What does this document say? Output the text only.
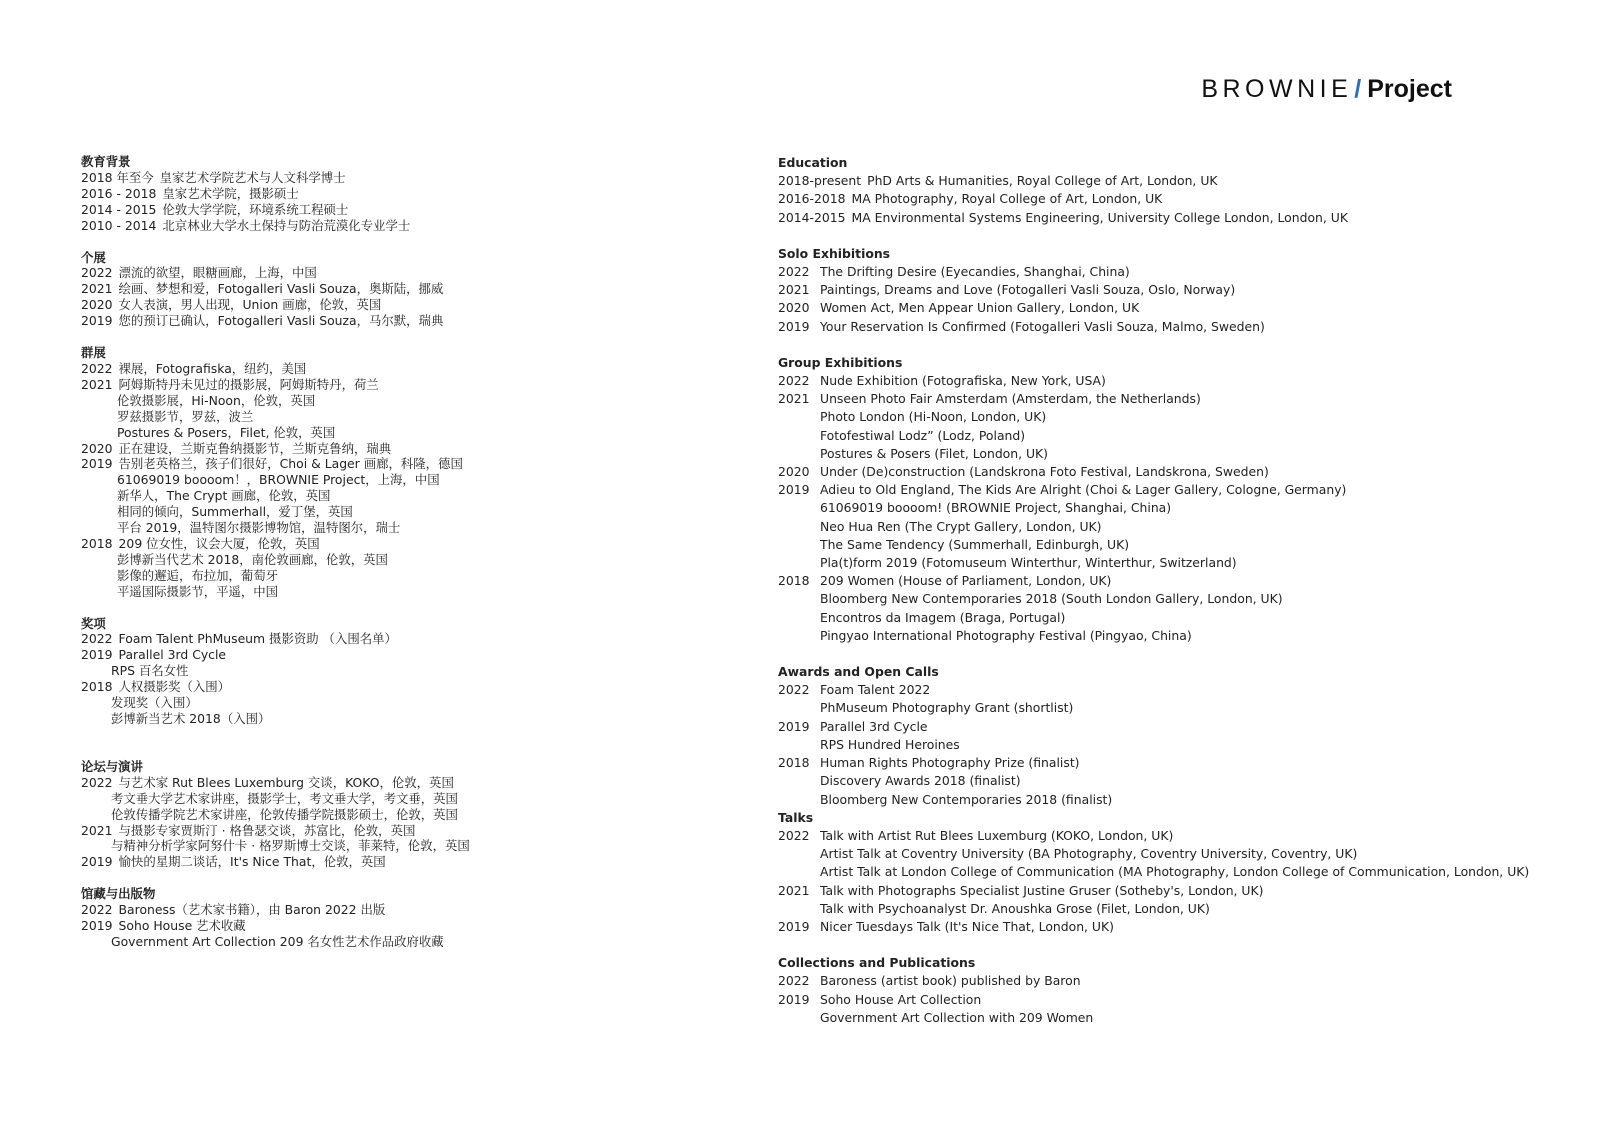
BROWNIE/ Project
教育背景
2018 年至今 皇家艺术学院艺术与人文科学博士
2016 - 2018 皇家艺术学院，摄影硕士
2014 - 2015 伦敦大学学院，环境系统工程硕士
2010 - 2014 北京林业大学水土保持与防治荒漠化专业学士
个展
2022 漂流的欲望，眼糖画廊，上海，中国
2021 绘画、梦想和爱，Fotogalleri Vasli Souza，奥斯陆，挪威
2020 女人表演，男人出现，Union 画廊，伦敦，英国
2019 您的预订已确认，Fotogalleri Vasli Souza，马尔默，瑞典
群展
2022 裸展，Fotografiska，纽约，美国
2021 阿姆斯特丹未见过的摄影展，阿姆斯特丹，荷兰
伦敦摄影展，Hi-Noon，伦敦，英国
罗兹摄影节，罗兹，波兰
Postures & Posers，Filet, 伦敦，英国
2020 正在建设，兰斯克鲁纳摄影节，兰斯克鲁纳，瑞典
2019 告别老英格兰，孩子们很好，Choi & Lager 画廊，科隆，德国
61069019 boooom！，BROWNIE Project，上海，中国
新华人，The Crypt 画廊，伦敦，英国
相同的倾向，Summerhall，爱丁堡，英国
平台 2019，温特图尔摄影博物馆，温特图尔，瑞士
2018 209 位女性，议会大厦，伦敦，英国
彭博新当代艺术 2018，南伦敦画廊，伦敦，英国
影像的邂逅，布拉加，葡萄牙
平遥国际摄影节，平遥，中国
奖项
2022 Foam Talent PhMuseum 摄影资助 （入围名单）
2019 Parallel 3rd Cycle
RPS 百名女性
2018 人权摄影奖（入围）
发现奖（入围）
彭博新当艺术 2018（入围）
论坛与演讲
2022 与艺术家 Rut Blees Luxemburg 交谈，KOKO，伦敦，英国
考文垂大学艺术家讲座，摄影学士，考文垂大学，考文垂，英国
伦敦传播学院艺术家讲座，伦敦传播学院摄影硕士，伦敦，英国
2021 与摄影专家贾斯汀 · 格鲁瑟交谈，苏富比，伦敦，英国
与精神分析学家阿努什卡 · 格罗斯博士交谈，菲莱特，伦敦，英国
2019 愉快的星期二谈话，It's Nice That，伦敦，英国
馆藏与出版物
2022 Baroness（艺术家书籍），由 Baron 2022 出版
2019 Soho House 艺术收藏
Government Art Collection 209 名女性艺术作品政府收藏
Education
2018-present PhD Arts & Humanities, Royal College of Art, London, UK
2016-2018 MA Photography, Royal College of Art, London, UK
2014-2015 MA Environmental Systems Engineering, University College London, London, UK
Solo Exhibitions
2022 The Drifting Desire (Eyecandies, Shanghai, China)
2021 Paintings, Dreams and Love (Fotogalleri Vasli Souza, Oslo, Norway)
2020 Women Act, Men Appear Union Gallery, London, UK
2019 Your Reservation Is Confirmed (Fotogalleri Vasli Souza, Malmo, Sweden)
Group Exhibitions
2022 Nude Exhibition (Fotografiska, New York, USA)
2021 Unseen Photo Fair Amsterdam (Amsterdam, the Netherlands)
Photo London (Hi-Noon, London, UK)
Fotofestiwal Lodz” (Lodz, Poland)
Postures & Posers (Filet, London, UK)
2020 Under (De)construction (Landskrona Foto Festival, Landskrona, Sweden)
2019 Adieu to Old England, The Kids Are Alright (Choi & Lager Gallery, Cologne, Germany)
61069019 boooom! (BROWNIE Project, Shanghai, China)
Neo Hua Ren (The Crypt Gallery, London, UK)
The Same Tendency (Summerhall, Edinburgh, UK)
Pla(t)form 2019 (Fotomuseum Winterthur, Winterthur, Switzerland)
2018 209 Women (House of Parliament, London, UK)
Bloomberg New Contemporaries 2018 (South London Gallery, London, UK)
Encontros da Imagem (Braga, Portugal)
Pingyao International Photography Festival (Pingyao, China)
Awards and Open Calls
2022 Foam Talent 2022
PhMuseum Photography Grant (shortlist)
2019 Parallel 3rd Cycle
RPS Hundred Heroines
2018 Human Rights Photography Prize (finalist)
Discovery Awards 2018 (finalist)
Bloomberg New Contemporaries 2018 (finalist)
Talks
2022 Talk with Artist Rut Blees Luxemburg (KOKO, London, UK)
Artist Talk at Coventry University (BA Photography, Coventry University, Coventry, UK)
Artist Talk at London College of Communication (MA Photography, London College of Communication, London, UK)
2021 Talk with Photographs Specialist Justine Gruser (Sotheby's, London, UK)
Talk with Psychoanalyst Dr. Anoushka Grose (Filet, London, UK)
2019 Nicer Tuesdays Talk (It's Nice That, London, UK)
Collections and Publications
2022 Baroness (artist book) published by Baron
2019 Soho House Art Collection
Government Art Collection with 209 Women
